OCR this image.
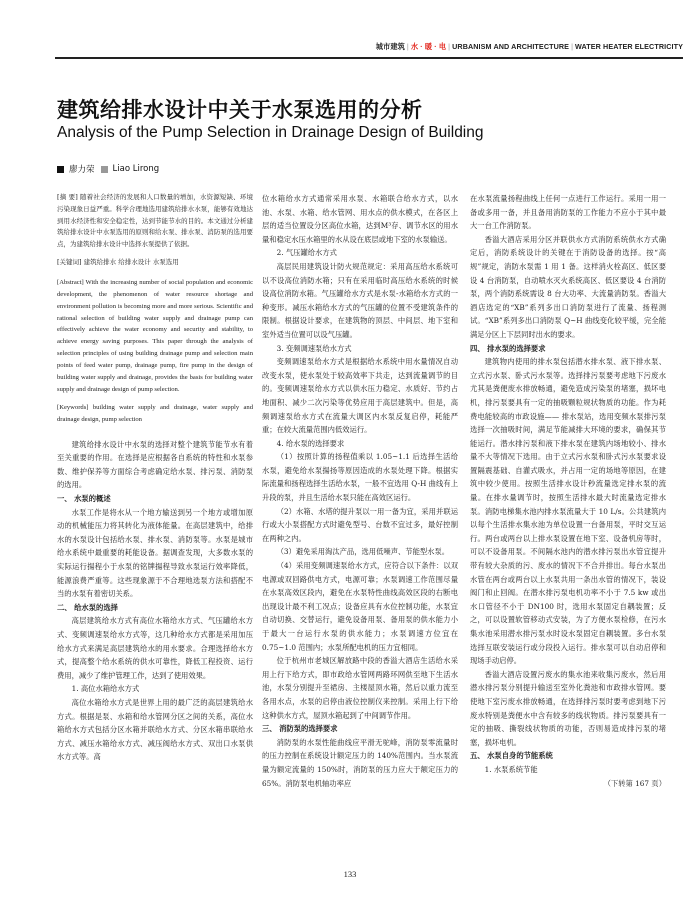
城市建筑 | 水 · 暖 · 电 | URBANISM AND ARCHITECTURE | WATER HEATER ELECTRICITY
建筑给排水设计中关于水泵选用的分析
Analysis of the Pump Selection in Drainage Design of Building
廖力荣 Liao Lirong

[摘 要] 随着社会经济的发展和人口数量的增加，水资源短缺、环境污染现象日益严重。科学合理地选用建筑给排水水泵，能够有效地达到用水经济性和安全稳定性，达到节能节水的目的。本文通过分析建筑给排水设计中水泵选用的原则和给水泵、排水泵、消防泵的选用要点，为建筑给排水设计中选择水泵提供了依据。

[关键词] 建筑给排水 给排水设计 水泵选用

[Abstract] With the increasing number of social population and economic development, the phenomenon of water resource shortage and environment pollution is becoming more and more serious. Scientific and rational selection of building water supply and drainage pump can effectively achieve the water economy and security and stability, to achieve energy saving purposes. This paper through the analysis of selection principles of using building drainage pump and selection main points of feed water pump, drainage pump, fire pump in the design of building water supply and drainage, provides the basis for building water supply and drainage design of pump selection.

[Keywords] building water supply and drainage, water supply and drainage design, pump selection

建筑给排水设计中水泵的选择对整个建筑节能节水有着至关重要的作用。在选择是应根据各自系统的特性和水泵参数、维护保养等方面综合考虑确定给水泵、排污泵、消防泵的选用。

一、 水泵的概述

水泵工作是将水从一个地方输送到另一个地方或增加原动的机械能压力将其转化为液体能量。在高层建筑中，给排水的水泵设计包括给水泵、排水泵、消防泵等。水泵是城市给水系统中最重要的耗能设备。据调查发现，大多数水泵的实际运行揚程小于水泵的铭牌揚程导致水泵运行效率降低，能源浪费严重等。这些现象源于不合理地选泵方法和搭配不当的水泵有着密切关系。

二、 给水泵的选择

高层建筑给水方式有高位水箱给水方式、气压罐给水方式、变频调速泵给水方式等，这几种给水方式都是采用加压给水方式来满足高层建筑给水的用水要求。合理选择给水方式，提高整个给水系统的供水可靠性，降低工程投资、运行费用，减少了维护管理工作，达到了使用效果。

1. 高位水箱给水方式

高位水箱给水方式是世界上用的最广泛的高层建筑给水方式。根据是泵、水箱和给水管网分区之间的关系，高位水箱给水方式包括分区水箱并联给水方式、分区水箱串联给水方式、减压水箱给水方式、减压阀给水方式、双出口水泵供水方式等。高

位水箱给水方式通常采用水泵、水箱联合给水方式，以水池、水泵、水箱、给水管网、用水点的供水模式，在各区上层的适当位置设分区高位水箱，达到M³存、调节水区的用水量和稳定水压水箱里的水从设在底层或地下室的水泵输送。

2. 气压罐给水方式

高层民用建筑设计防火规范规定：采用高压给水系统可以不设高位消防水箱；只有在采用临时高压给水系统的时候设高位消防水箱。气压罐给水方式是水泵-水箱给水方式的一种变形。减压水箱给水方式的气压罐的位置不受建筑条件的限制。根据设计要求，在建筑物的顶层、中间层、地下室和室外适当位置可以设气压罐。

3. 变频调速泵给水方式

变频调速泵给水方式是根据给水系统中用水量情况自动改变水泵，使水泵处于较高效率下共走，达到流量调节的目的。变频调速泵给水方式以供水压力稳定、水质好、节约占地面积、减少二次污染等优势应用于高层建筑中。但是，高频调速泵给水方式在流量大调区内水泵反复启停，耗能严重；在较大流量范围内低效运行。

4. 给水泵的选择要求

（1）按照计算的扬程值乘以 1.05~1.1 后选择生活给水泵，避免给水泵揚扬等原因造成的水泵处理下降。根据实际流量和扬程选择生活给水泵，一般不宜选用 Q-H 曲线有上升段的泵，并且生活给水泵只能在高效区运行。

（2）水箱、水塔的提升泵以一用一备为宜，采用并联运行或大小泵搭配方式时避免型号、台数不宜过多，最好控制在两种之内。

（3）避免采用淘汰产品，选用低噪声、节能型水泵。

（4）采用变频调速泵给水方式，应符合以下条件：以双电源或双回路供电方式，电源可靠；水泵调速工作范围尽量在水泵高效区段内，避免在水泵特性曲线高效区段的右断电出现设计最不利工况点；设备应具有水位控制功能，水泵宜自动切换、交替运行，避免设备用泵、备用泵的供水能力小于最大一台运行水泵的供水能力；水泵调速方位宜在 0.75~1.0 范围内；水泵所配电机的压力宜相同。

位于杭州市老城区解放路中段的香溢大酒店生活给水采用上行下给方式，即市政给水管网两路环网供至地下生活水池，水泵分别提升至裙房、主楼屋顶水箱，然后以重力流至各用水点，水泵的启停由液位控制仪来控制。采用上行下给这种供水方式，屋顶水箱起到了中间调节作用。

三、 消防泵的选择要求

消防泵的水泵性能曲线应平滑无驼峰，消防泵零流量时的压力控制在系统设计额定压力的 140%范围内。当水泵流量为额定流量的 150%时，消防泵的压力应大于额定压力的 65%。消防泵电机轴功率应

在水泵流量扬程曲线上任何一点进行工作运行。采用一用一备或多用一备，并且备用消防泵的工作能力不应小于其中最大一台工作消防泵。

香溢大酒店采用分区并联供水方式消防系统供水方式确定后，消防系统设计的关键在于消防设备的选择。按“高规”规定，消防水泵需 1 用 1 备。这样消火栓高区、低区要设 4 台消防泵，自动喷水灭火系统高区、低区要设 4 台消防泵，两个消防系统需设 8 台大功率、大流量消防泵。香溢大酒店选定的“XB”系列多出口消防泵进行了流量、扬程测试。“XB”系列多出口消防泵 Q~H 曲线变化较平缓，完全能满足分区上下层同时出水的要求。

四、 排水泵的选择要求

建筑物内使用的排水泵包括潜水排水泵、液下排水泵、立式污水泵、卧式污水泵等。选择排污泵要考虑地下污废水尤其是粪便废水排放畅通，避免造成污染泵的堵塞，损坏电机，排污泵要具有一定的抽吸颗粒规状物质的功能。作为耗费电能较高的市政设施—— 排水泵站，选用变频水泵排污泵选择一次抽吸时间，满足节能减排大环境的要求，确保其节能运行。潜水排污泵和液下排水泵在建筑内场地较小、排水量不大等情况下选用。由于立式污水泵和卧式污水泵要求设置隔震基础、自灌式吸水，并占用一定的场地等原因，在建筑中较少使用。按照生活排水设计秒流量选定排水泵的流量。在排水量调节时，按照生活排水最大时流量选定排水泵。消防电梯集水池内排水泵流量大于 10 L/s。公共建筑内以每个生活排水集水池为单位设置一台备用泵，平时交互运行。两台或两台以上排水泵设置在地下室、设备机房等时，可以不设备用泵。不间隔水池内的潜水排污泵出水管宜提升带有较大杂质的污、废水的情况下不合并排出。每台水泵出水管在两台或两台以上水泵共用一条出水管的情况下，装设阀门和止回阀。在潜水排污泵电机功率不小于 7.5 kw 或出水口管径不小于 DN100 时，选用水泵固定自耦装置；反之，可以设置软管移动式安装，为了方便水泵检修，在污水集水池采用潜水排污泵水时设水泵固定自耦装置。多台水泵选择互联安装运行或分段投入运行。排水泵可以自动启停和现场手动启停。

香溢大酒店设置污废水的集水池来收集污废水，然后用潜水排污泵分别提升输送至室外化粪池和市政排水管网。要使地下室污废水排放畅通，在选择排污泵时要考虑到地下污废水特别是粪便水中含有较多的线状物质。排污泵要具有一定的抽吸、撕裂线状物质的功能，否则易造成排污泵的堵塞，损坏电机。

五、 水泵自身的节能系统

1. 水泵系统节能

（下转第 167 页）

133
